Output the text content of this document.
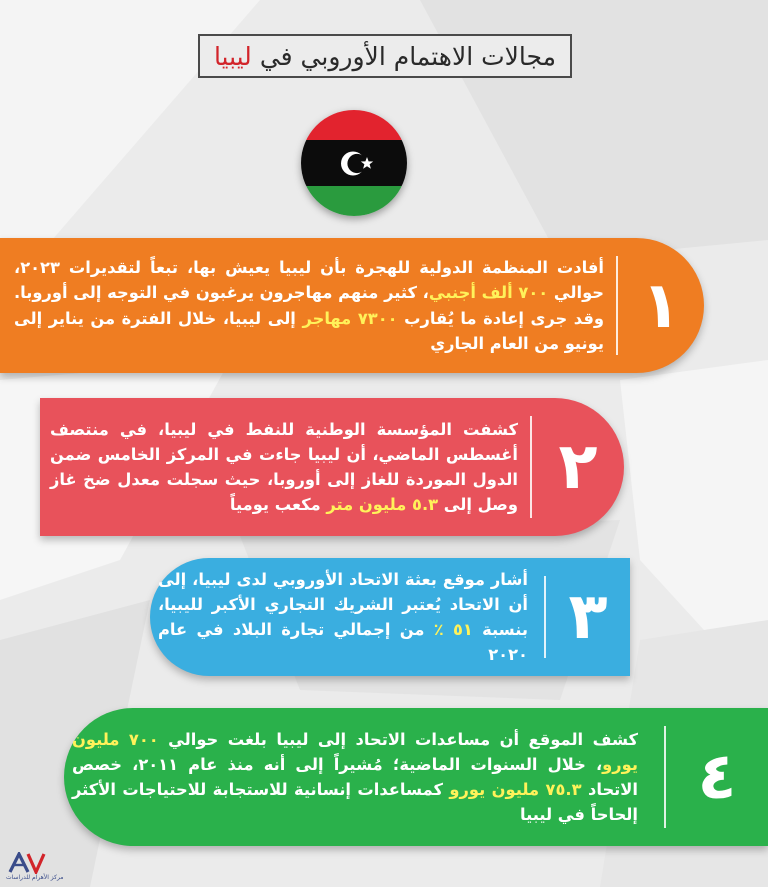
مجالات الاهتمام الأوروبي في
ليبيا
١
أفادت المنظمة الدولية للهجرة بأن ليبيا يعيش بها، تبعاً لتقديرات ٢٠٢٣، حوالي ٧٠٠ ألف أجنبي، كثير منهم مهاجرون يرغبون في التوجه إلى أوروبا. وقد جرى إعادة ما يُقارب ٧٣٠٠ مهاجر إلى ليبيا، خلال الفترة من يناير إلى يونيو من العام الجاري
٢
كشفت المؤسسة الوطنية للنفط في ليبيا، في منتصف أغسطس الماضي، أن ليبيا جاءت في المركز الخامس ضمن الدول الموردة للغاز إلى أوروبا، حيث سجلت معدل ضخ غاز وصل إلى ٥.٣ مليون متر مكعب يومياً
٣
أشار موقع بعثة الاتحاد الأوروبي لدى ليبيا، إلى أن الاتحاد يُعتبر الشريك التجاري الأكبر لليبيا، بنسبة ٥١ ٪ من إجمالي تجارة البلاد في عام ٢٠٢٠
٤
كشف الموقع أن مساعدات الاتحاد إلى ليبيا بلغت حوالي ٧٠٠ مليون يورو، خلال السنوات الماضية؛ مُشيراً إلى أنه منذ عام ٢٠١١، خصص الاتحاد ٧٥.٣ مليون يورو كمساعدات إنسانية للاستجابة للاحتياجات الأكثر إلحاحاً في ليبيا
مركز الأهرام للدراسات
